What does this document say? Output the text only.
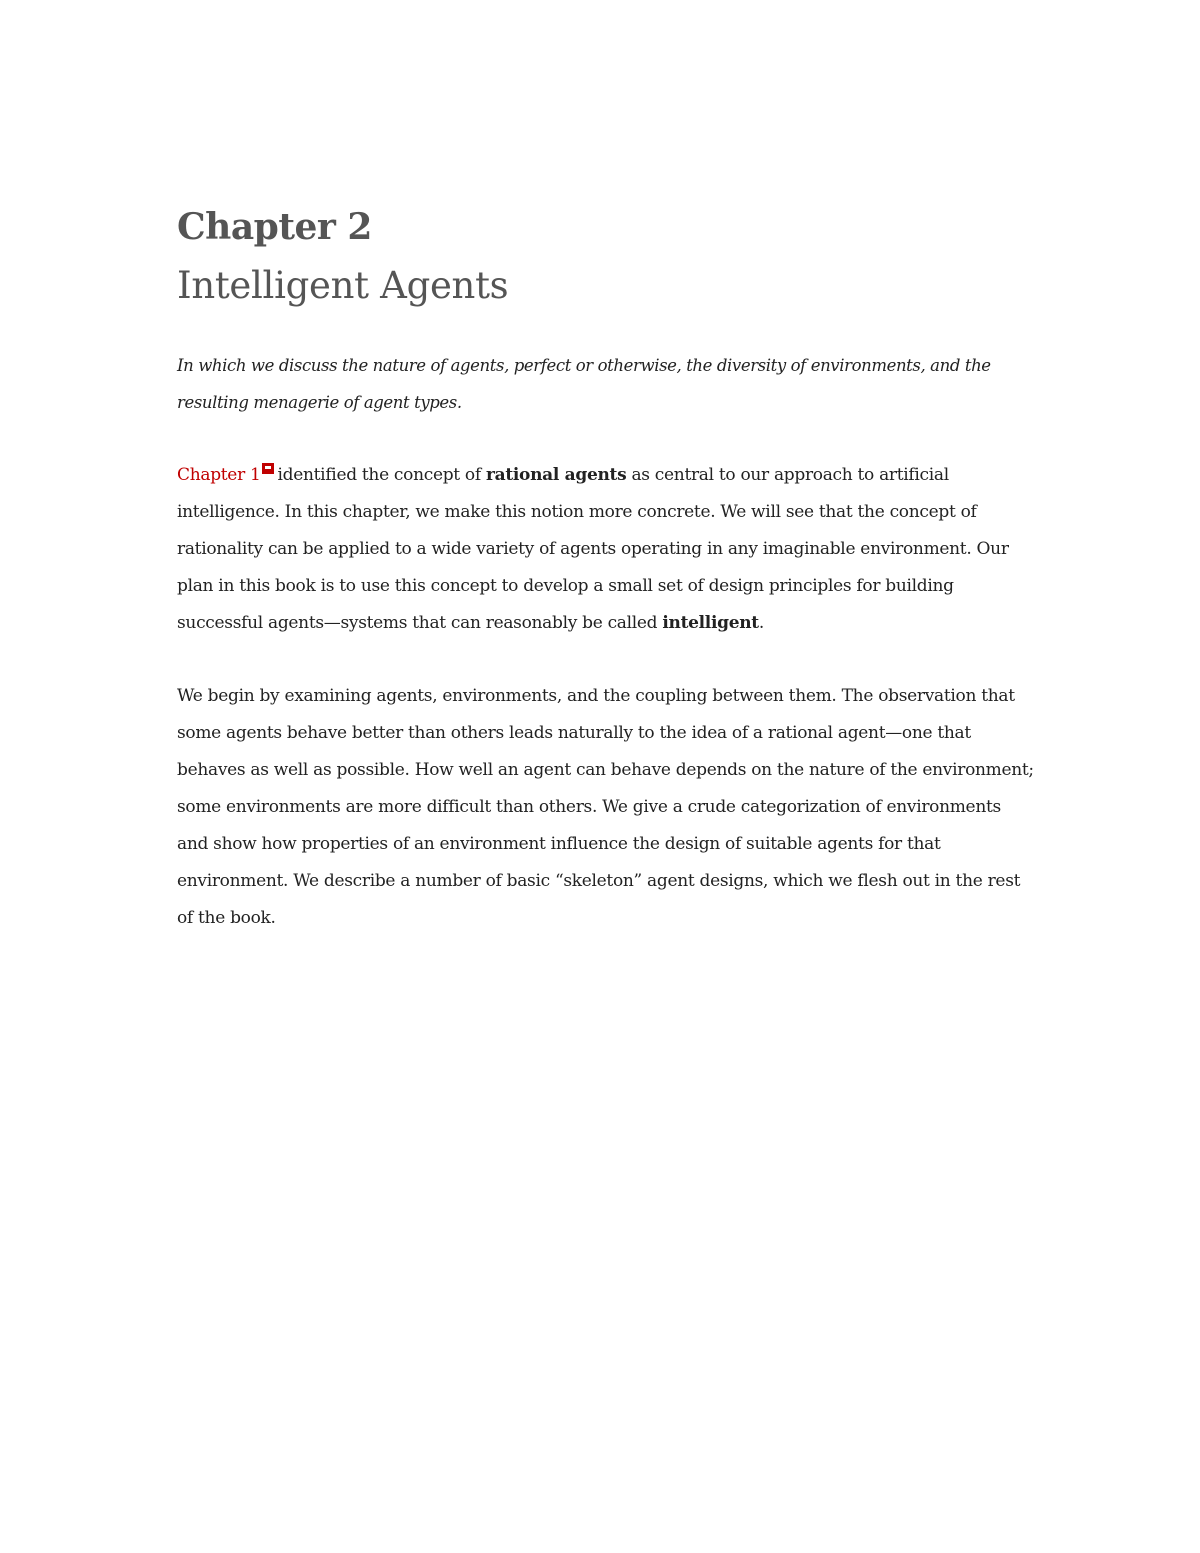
Chapter 2
Intelligent Agents

In which we discuss the nature of agents, perfect or otherwise, the diversity of environments, and the resulting menagerie of agent types.

Chapter 1 identified the concept of rational agents as central to our approach to artificial intelligence. In this chapter, we make this notion more concrete. We will see that the concept of rationality can be applied to a wide variety of agents operating in any imaginable environment. Our plan in this book is to use this concept to develop a small set of design principles for building successful agents—systems that can reasonably be called intelligent.

We begin by examining agents, environments, and the coupling between them. The observation that some agents behave better than others leads naturally to the idea of a rational agent—one that behaves as well as possible. How well an agent can behave depends on the nature of the environment; some environments are more difficult than others. We give a crude categorization of environments and show how properties of an environment influence the design of suitable agents for that environment. We describe a number of basic “skeleton” agent designs, which we flesh out in the rest of the book.
